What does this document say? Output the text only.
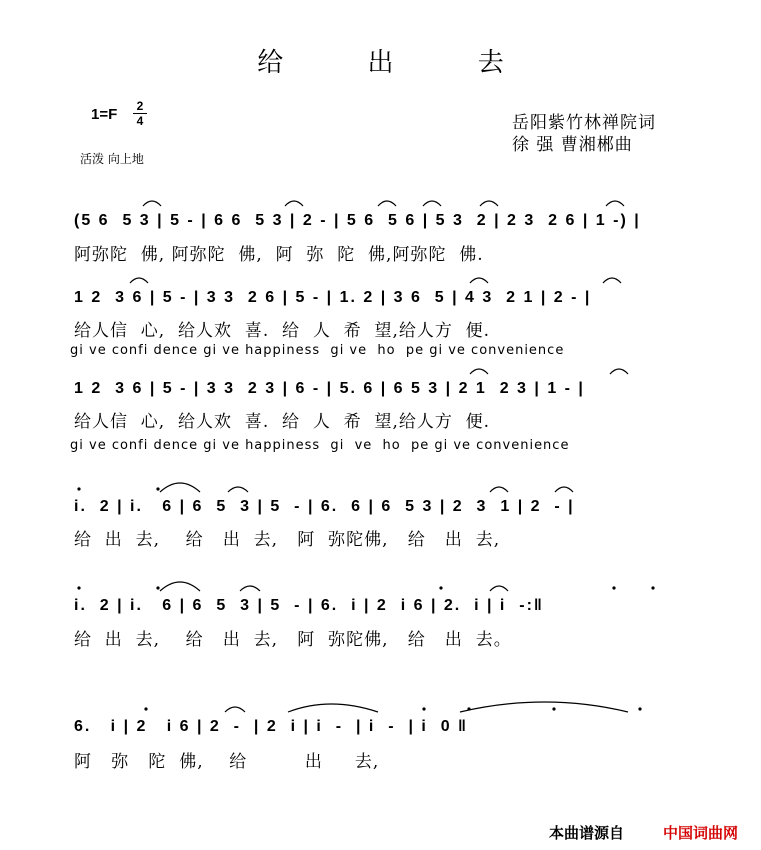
给 出 去
1=F	2
4
活泼 向上地
岳阳紫竹林禅院词
徐 强 曹湘郴曲
(5 6  5 3 | 5 - | 6 6  5 3 | 2 - | 5 6  5 6 | 5 3  2 | 2 3  2 6 | 1 -) |
阿弥陀  佛, 阿弥陀  佛,  阿  弥  陀  佛,阿弥陀  佛.
1 2  3 6 | 5 - | 3 3  2 6 | 5 - | 1. 2 | 3 6  5 | 4 3  2 1 | 2 - |
给人信  心,  给人欢  喜.  给  人  希  望,给人方  便.
gi ve confi dence gi ve happiness  gi ve  ho  pe gi ve convenience
1 2  3 6 | 5 - | 3 3  2 3 | 6 - | 5. 6 | 6 5 3 | 2 1  2 3 | 1 - |
给人信  心,  给人欢  喜.  给  人  希  望,给人方  便.
gi ve confi dence gi ve happiness  gi  ve  ho  pe gi ve convenience
i.  2 | i.   6 | 6  5  3 | 5  - | 6.  6 | 6  5 3 | 2  3  1 | 2  - |
给  出  去,    给   出  去,   阿  弥陀佛,   给   出  去,
i.  2 | i.   6 | 6  5  3 | 5  - | 6.  i | 2  i 6 | 2.  i | i  -:‖
给  出  去,    给   出  去,   阿  弥陀佛,   给   出  去。
6.   i | 2   i 6 | 2  -  | 2  i | i  -  | i  -  | i  0 ‖
阿   弥   陀  佛,    给         出     去,
本曲谱源自	中国词曲网
